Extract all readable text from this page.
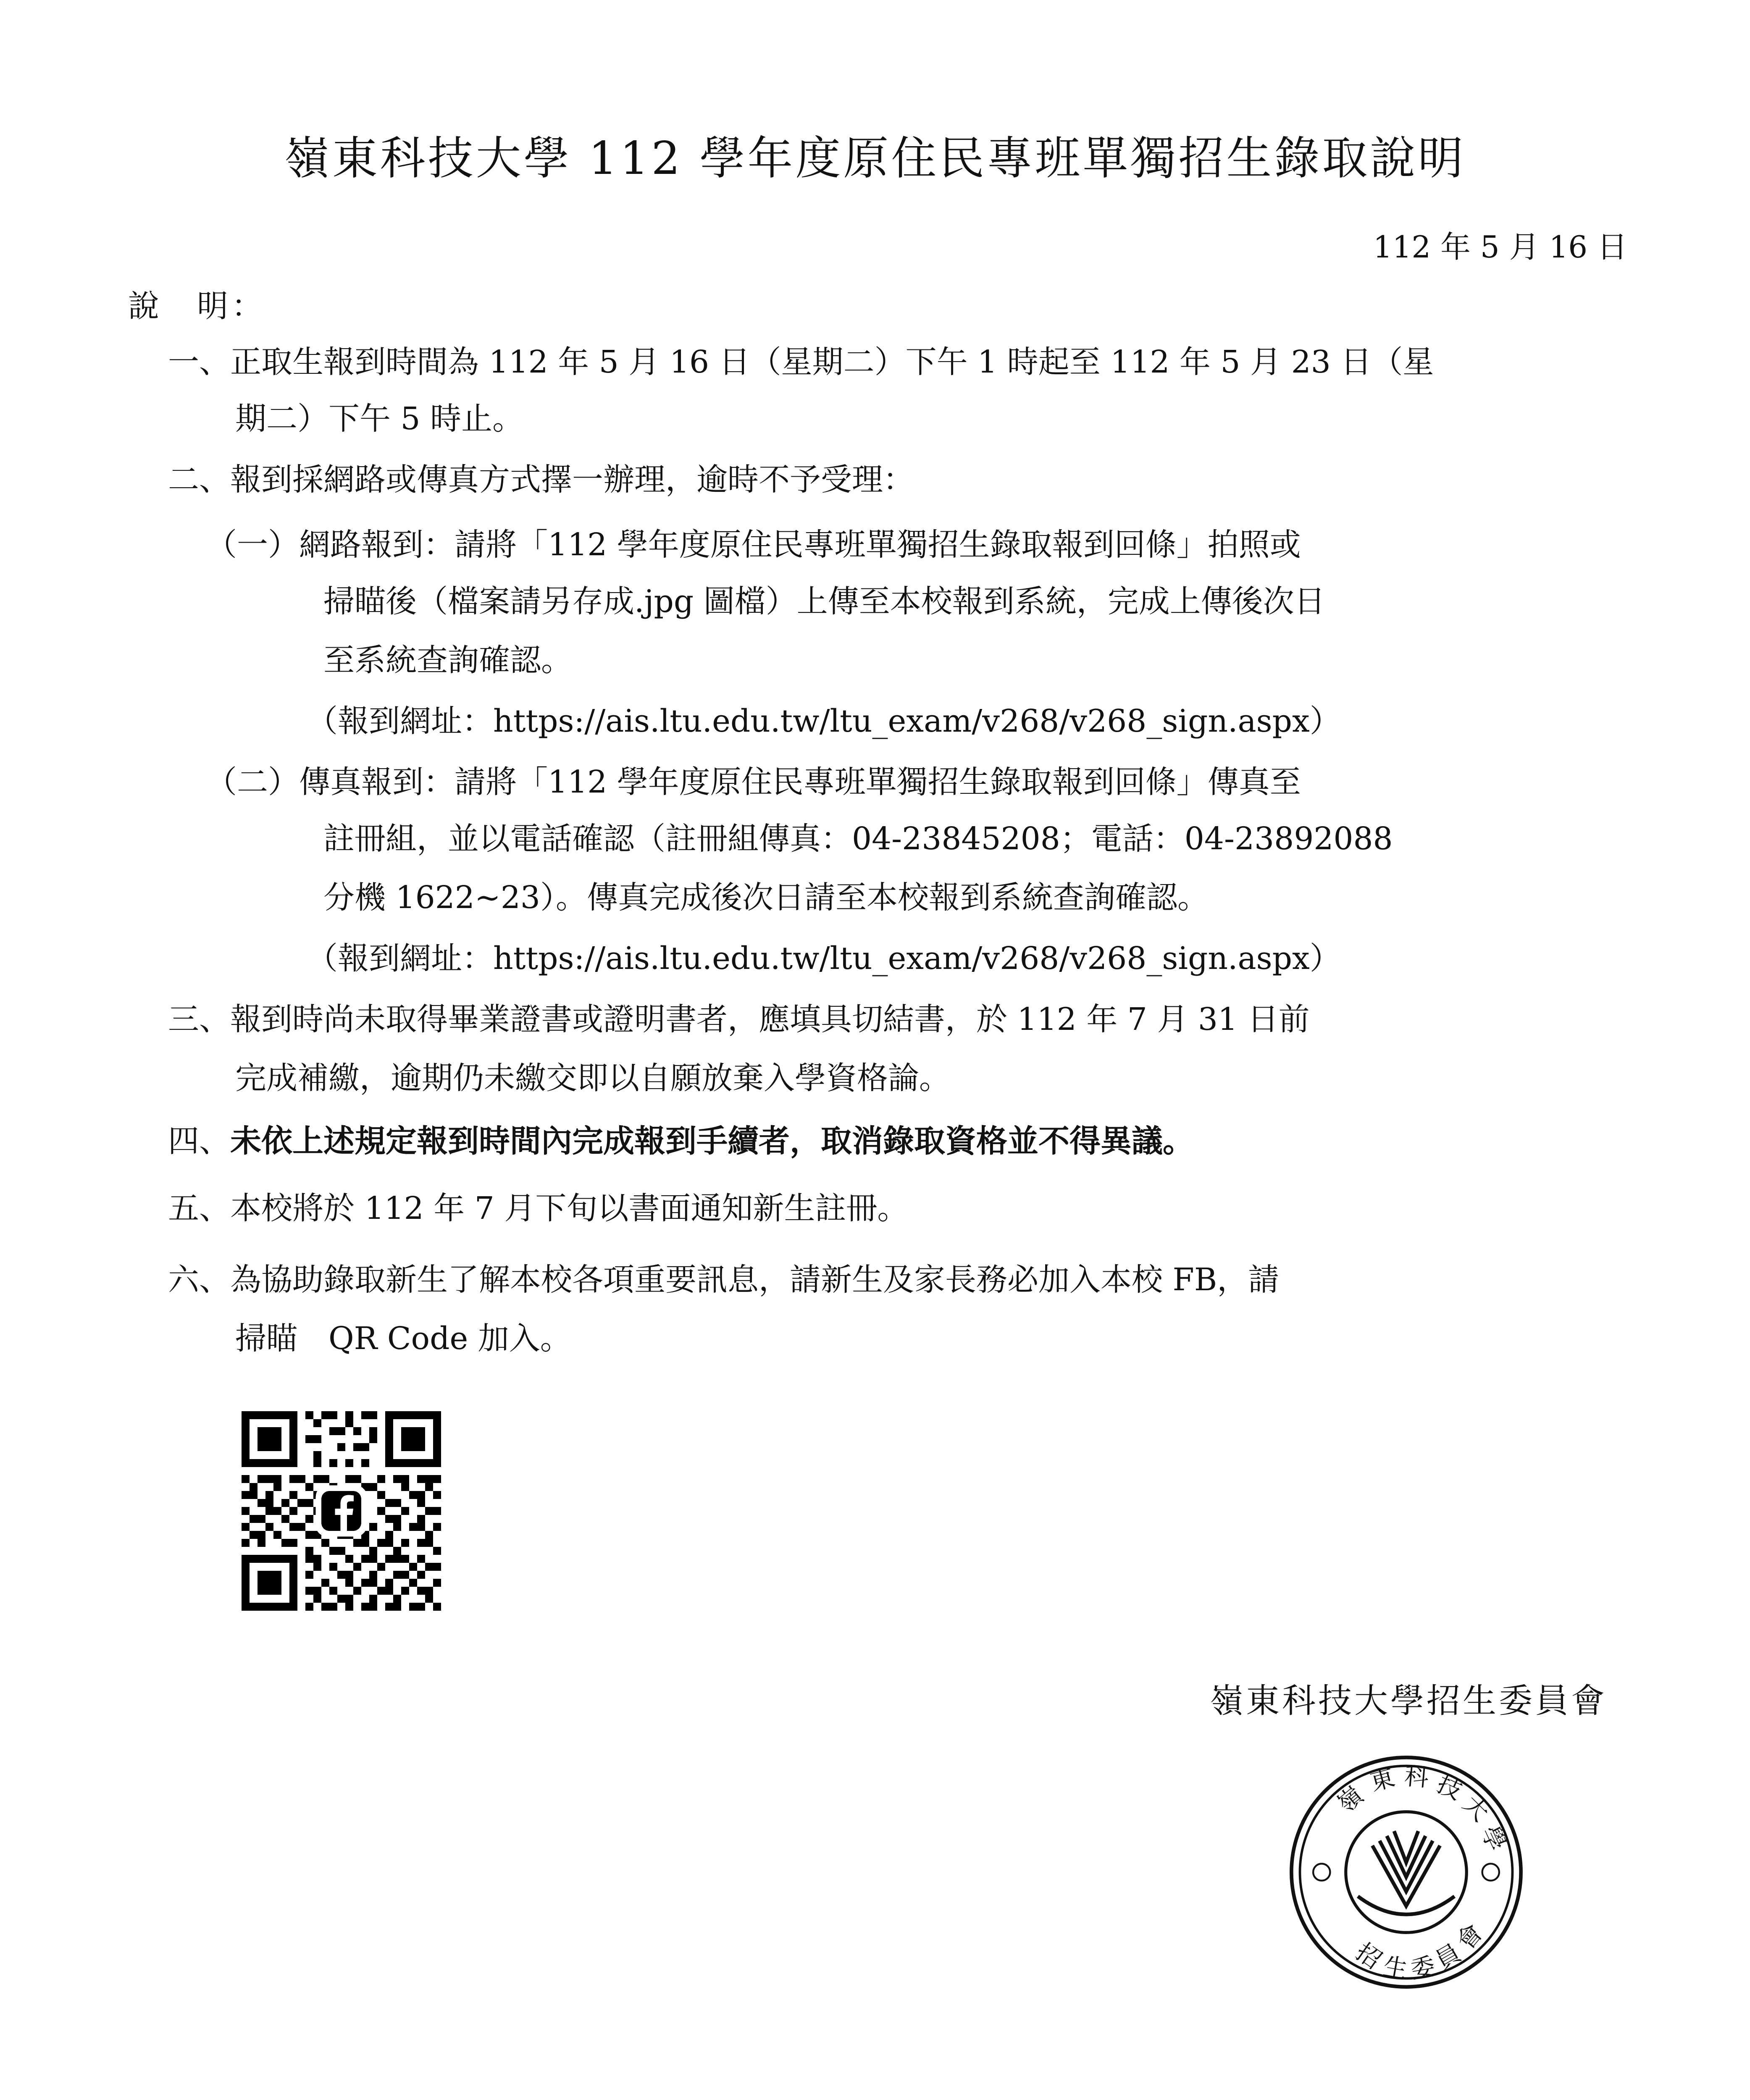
嶺東科技大學 112 學年度原住民專班單獨招生錄取說明
112 年 5 月 16 日
說　明：
一、正取生報到時間為 112 年 5 月 16 日（星期二）下午 1 時起至 112 年 5 月 23 日（星
期二）下午 5 時止。
二、報到採網路或傳真方式擇一辦理，逾時不予受理：
（一）網路報到：請將「112 學年度原住民專班單獨招生錄取報到回條」拍照或
掃瞄後（檔案請另存成.jpg 圖檔）上傳至本校報到系統，完成上傳後次日
至系統查詢確認。
（報到網址：https://ais.ltu.edu.tw/ltu_exam/v268/v268_sign.aspx）
（二）傳真報到：請將「112 學年度原住民專班單獨招生錄取報到回條」傳真至
註冊組，並以電話確認（註冊組傳真：04-23845208；電話：04-23892088
分機 1622~23）。傳真完成後次日請至本校報到系統查詢確認。
（報到網址：https://ais.ltu.edu.tw/ltu_exam/v268/v268_sign.aspx）
三、報到時尚未取得畢業證書或證明書者，應填具切結書，於 112 年 7 月 31 日前
完成補繳，逾期仍未繳交即以自願放棄入學資格論。
四、未依上述規定報到時間內完成報到手續者，取消錄取資格並不得異議。
五、本校將於 112 年 7 月下旬以書面通知新生註冊。
六、為協助錄取新生了解本校各項重要訊息，請新生及家長務必加入本校 FB，請
掃瞄　QR Code 加入。
嶺東科技大學招生委員會
嶺
東 科 技
大
學
招
生
委
員
會
